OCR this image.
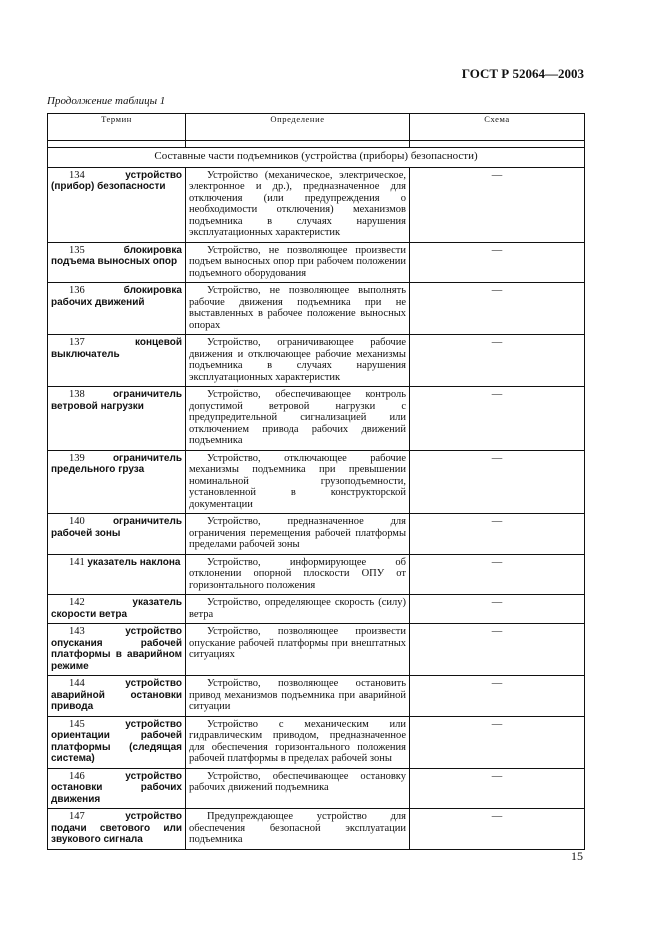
ГОСТ Р 52064—2003

Продолжение таблицы 1

Термин	Определение	Схема

Составные части подъемников (устройства (приборы) безопасности)		
134 устройство (прибор) безопасности	Устройство (механическое, электрическое, электронное и др.), предназначенное для отключения (или предупреждения о необходимости отключения) механизмов подъемника в случаях нарушения эксплуатационных характеристик	—
135 блокировка подъема выносных опор	Устройство, не позволяющее произвести подъем выносных опор при рабочем положении подъемного оборудования	—
136 блокировка рабочих движений	Устройство, не позволяющее выполнять рабочие движения подъемника при не выставленных в рабочее положение выносных опорах	—
137 концевой выключатель	Устройство, ограничивающее рабочие движения и отключающее рабочие механизмы подъемника в случаях нарушения эксплуатационных характеристик	—
138 ограничитель ветровой нагрузки	Устройство, обеспечивающее контроль допустимой ветровой нагрузки с предупредительной сигнализацией или отключением привода рабочих движений подъемника	—
139 ограничитель предельного груза	Устройство, отключающее рабочие механизмы подъемника при превышении номинальной грузоподъемности, установленной в конструкторской документации	—
140 ограничитель рабочей зоны	Устройство, предназначенное для ограничения перемещения рабочей платформы пределами рабочей зоны	—
141 указатель наклона	Устройство, информирующее об отклонении опорной плоскости ОПУ от горизонтального положения	—
142 указатель скорости ветра	Устройство, определяющее скорость (силу) ветра	—
143 устройство опускания рабочей платформы в аварийном режиме	Устройство, позволяющее произвести опускание рабочей платформы при внештатных ситуациях	—
144 устройство аварийной остановки привода	Устройство, позволяющее остановить привод механизмов подъемника при аварийной ситуации	—
145 устройство ориентации рабочей платформы (следящая система)	Устройство с механическим или гидравлическим приводом, предназначенное для обеспечения горизонтального положения рабочей платформы в пределах рабочей зоны	—
146 устройство остановки рабочих движения	Устройство, обеспечивающее остановку рабочих движений подъемника	—
147 устройство подачи светового или звукового сигнала	Предупреждающее устройство для обеспечения безопасной эксплуатации подъемника	—

15
